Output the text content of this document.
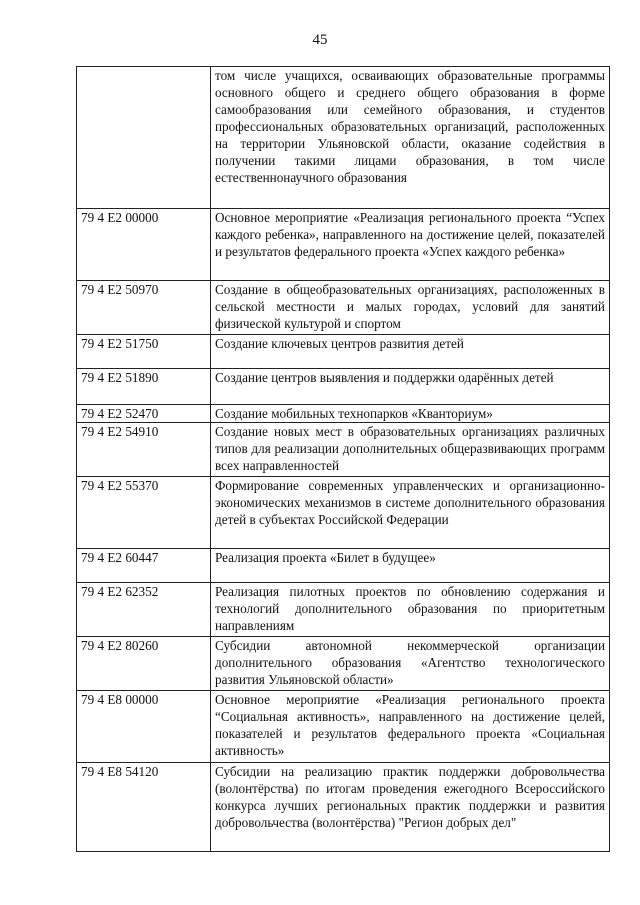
45
	том числе учащихся, осваивающих образовательные программы основного общего и среднего общего образования в форме самообразования или семейного образования, и студентов профессиональных образовательных организаций, расположенных на территории Ульяновской области, оказание содействия в получении такими лицами образования, в том числе естественнонаучного образования
79 4 E2 00000	Основное мероприятие «Реализация регионального проекта “Успех каждого ребенка», направленного на достижение целей, показателей и результатов федерального проекта «Успех каждого ребенка»
79 4 E2 50970	Создание в общеобразовательных организациях, расположенных в сельской местности и малых городах, условий для занятий физической культурой и спортом
79 4 E2 51750	Создание ключевых центров развития детей
79 4 E2 51890	Создание центров выявления и поддержки одарённых детей
79 4 E2 52470	Создание мобильных технопарков «Кванториум»
79 4 E2 54910	Создание новых мест в образовательных организациях различных типов для реализации дополнительных общеразвивающих программ всех направленностей
79 4 E2 55370	Формирование современных управленческих и организационно-экономических механизмов в системе дополнительного образования детей в субъектах Российской Федерации
79 4 E2 60447	Реализация проекта «Билет в будущее»
79 4 E2 62352	Реализация пилотных проектов по обновлению содержания и технологий дополнительного образования по приоритетным направлениям
79 4 E2 80260	Субсидии автономной некоммерческой организации дополнительного образования «Агентство технологического развития Ульяновской области»
79 4 E8 00000	Основное мероприятие «Реализация регионального проекта “Социальная активность», направленного на достижение целей, показателей и результатов федерального проекта «Социальная активность»
79 4 E8 54120	Субсидии на реализацию практик поддержки добровольчества (волонтёрства) по итогам проведения ежегодного Всероссийского конкурса лучших региональных практик поддержки и развития добровольчества (волонтёрства) "Регион добрых дел"
